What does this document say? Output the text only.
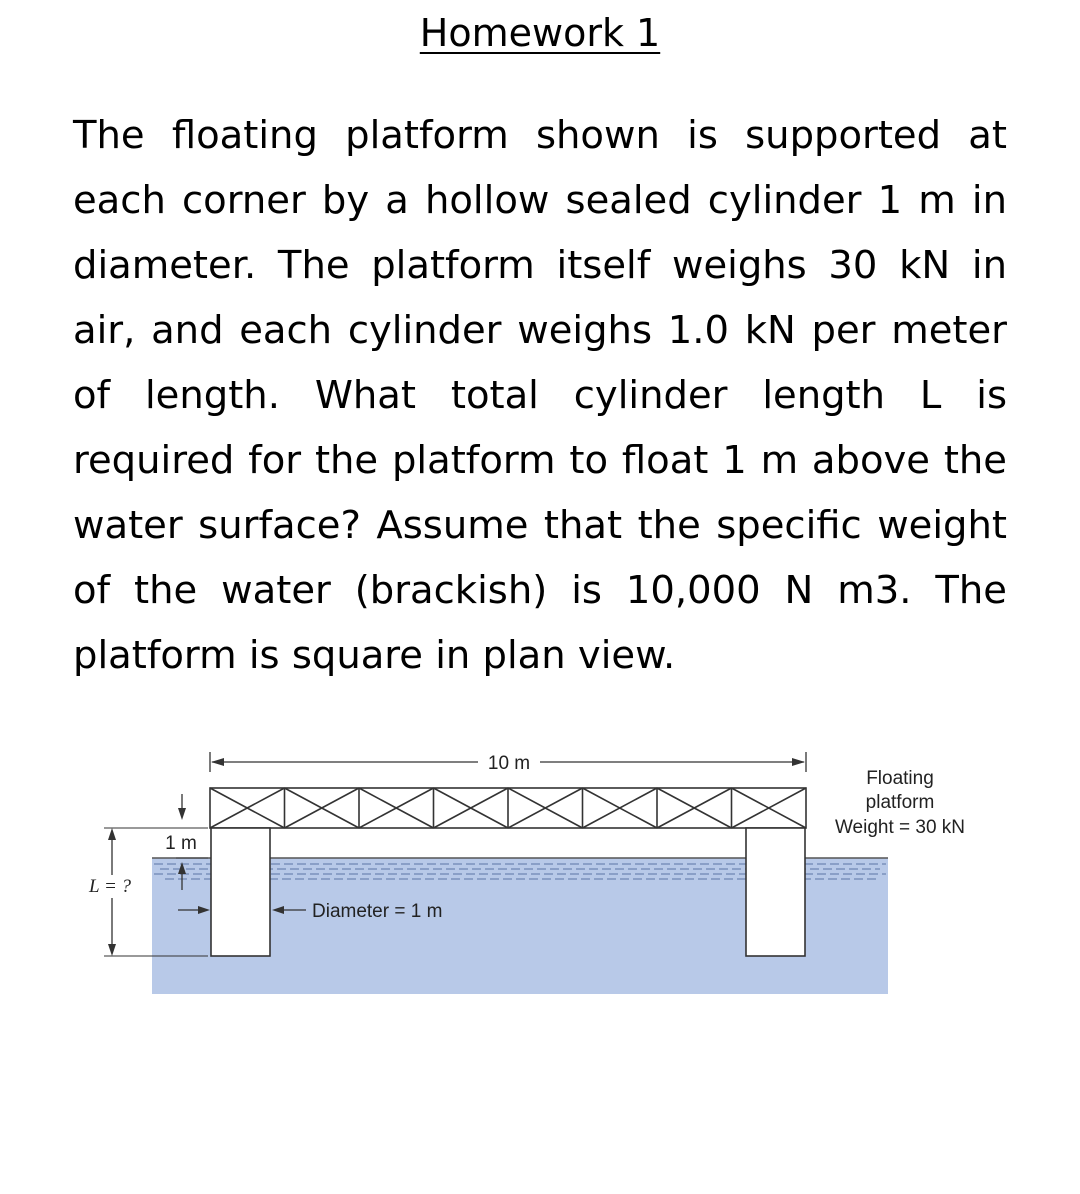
Homework 1
The floating platform shown is supported at each corner by a hollow sealed cylinder 1 m in diameter. The platform itself weighs 30 kN in air, and each cylinder weighs 1.0 kN per meter of length. What total cylinder length L is required for the platform to float 1 m above the water surface? Assume that the specific weight of the water (brackish) is 10,000 N m3. The platform is square in plan view.
10 m
Floating
platform
Weight = 30 kN
1 m
L = ?
Diameter = 1 m
